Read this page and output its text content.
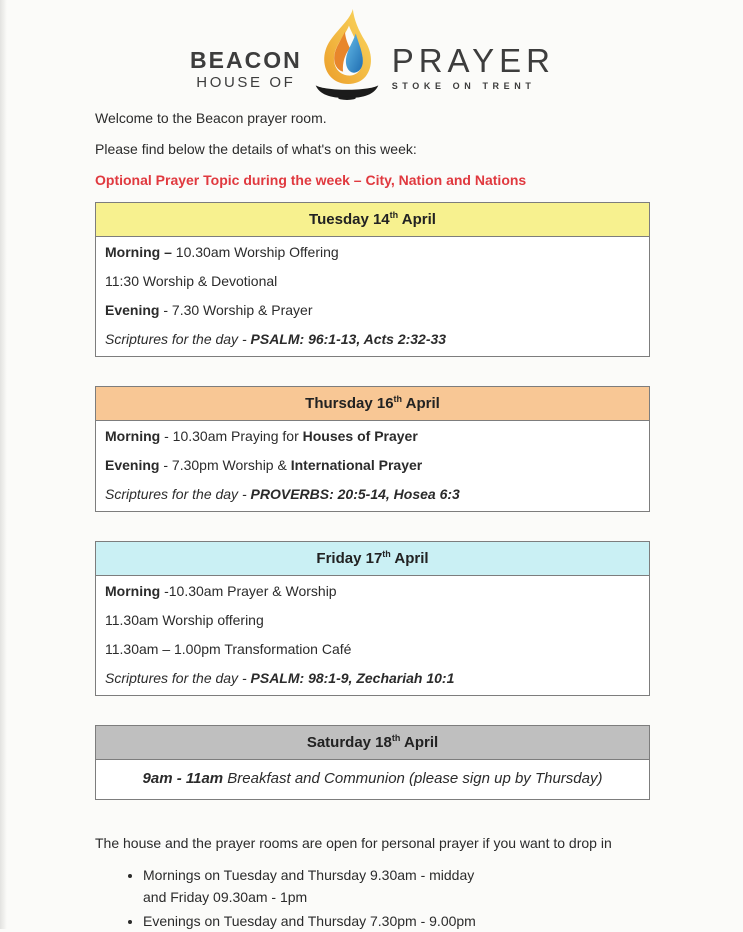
BEACON
HOUSE OF
PRAYER
STOKE ON TRENT

Welcome to the Beacon prayer room.

Please find below the details of what's on this week:

Optional Prayer Topic during the week – City, Nation and Nations

Tuesday 14th April
Morning – 10.30am Worship Offering
11:30 Worship & Devotional
Evening - 7.30 Worship & Prayer
Scriptures for the day - PSALM: 96:1-13, Acts 2:32-33
Thursday 16th April
Morning - 10.30am Praying for Houses of Prayer
Evening - 7.30pm Worship & International Prayer
Scriptures for the day - PROVERBS: 20:5-14, Hosea 6:3
Friday 17th April
Morning -10.30am Prayer & Worship
11.30am Worship offering
11.30am – 1.00pm Transformation Café
Scriptures for the day - PSALM: 98:1-9, Zechariah 10:1
Saturday 18th April
9am - 11am Breakfast and Communion (please sign up by Thursday)

The house and the prayer rooms are open for personal prayer if you want to drop in

• Mornings on Tuesday and Thursday 9.30am - midday
and Friday 09.30am - 1pm
• Evenings on Tuesday and Thursday 7.30pm - 9.00pm
